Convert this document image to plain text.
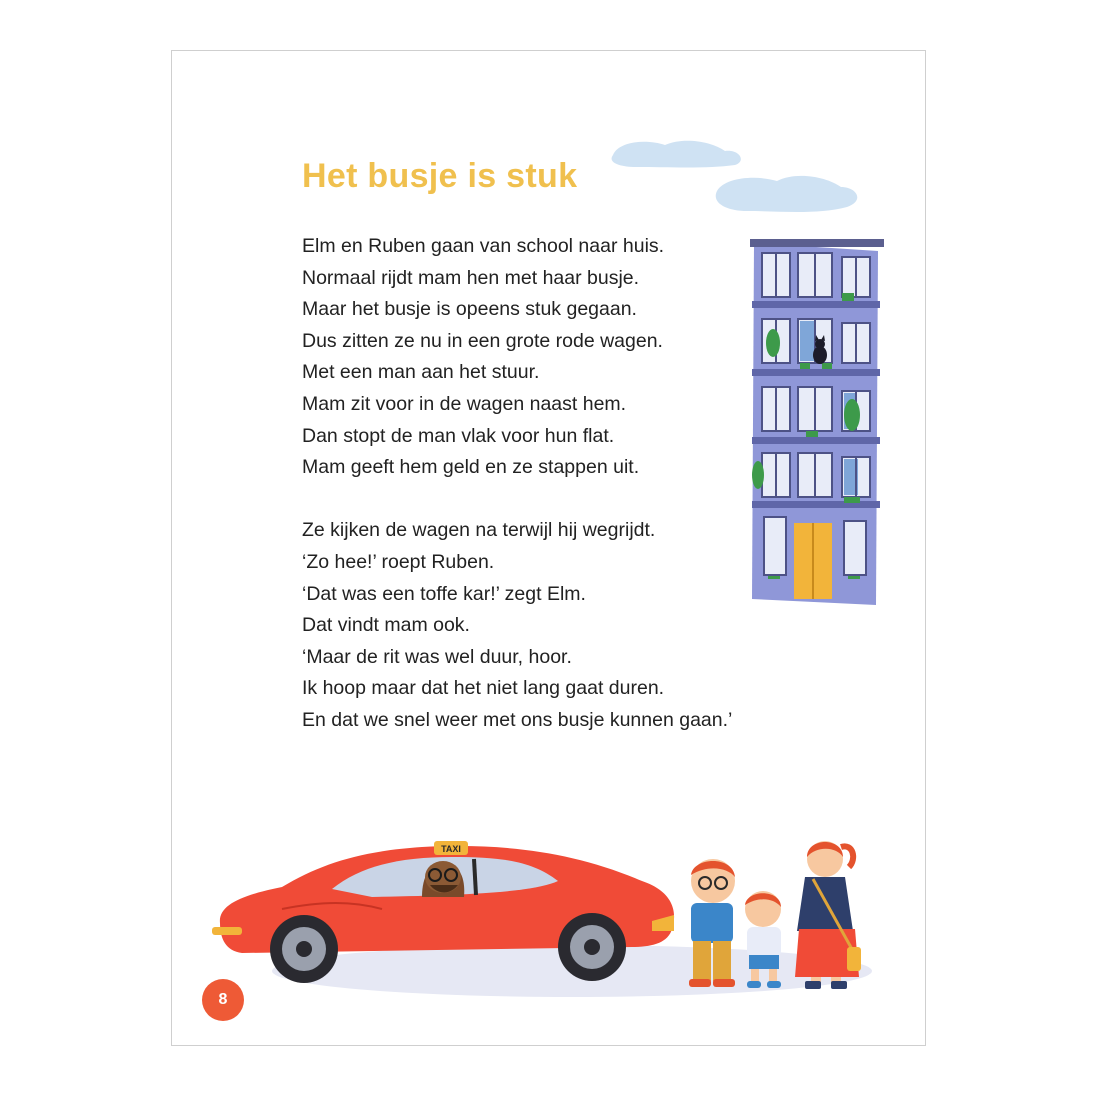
Het busje is stuk
Elm en Ruben gaan van school naar huis.
Normaal rijdt mam hen met haar busje.
Maar het busje is opeens stuk gegaan.
Dus zitten ze nu in een grote rode wagen.
Met een man aan het stuur.
Mam zit voor in de wagen naast hem.
Dan stopt de man vlak voor hun flat.
Mam geeft hem geld en ze stappen uit.
Ze kijken de wagen na terwijl hij wegrijdt.
‘Zo hee!’ roept Ruben.
‘Dat was een toffe kar!’ zegt Elm.
Dat vindt mam ook.
‘Maar de rit was wel duur, hoor.
Ik hoop maar dat het niet lang gaat duren.
En dat we snel weer met ons busje kunnen gaan.’
TAXI
8
